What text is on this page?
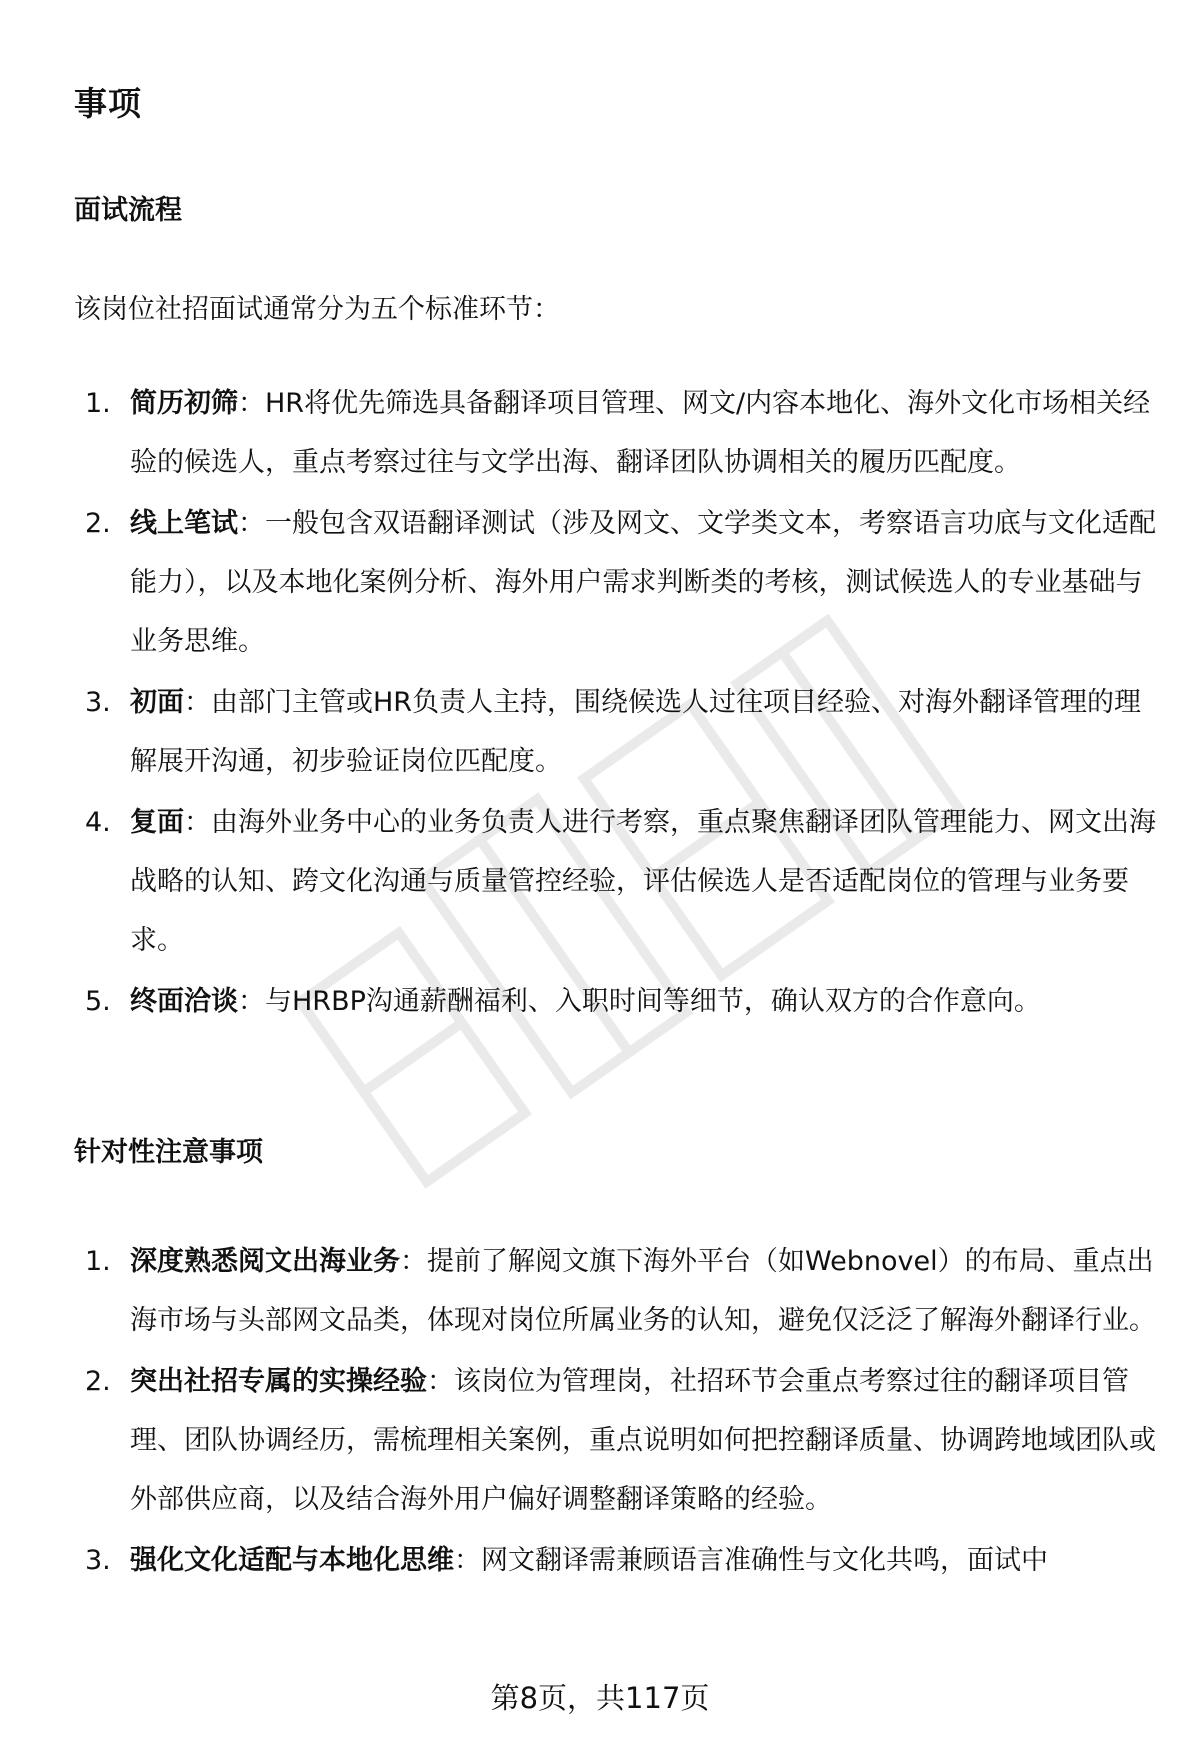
事项
面试流程
该岗位社招面试通常分为五个标准环节：
1. 简历初筛：HR将优先筛选具备翻译项目管理、网文/内容本地化、海外文化市场相关经验的候选人，重点考察过往与文学出海、翻译团队协调相关的履历匹配度。
2. 线上笔试：一般包含双语翻译测试（涉及网文、文学类文本，考察语言功底与文化适配能力），以及本地化案例分析、海外用户需求判断类的考核，测试候选人的专业基础与业务思维。
3. 初面：由部门主管或HR负责人主持，围绕候选人过往项目经验、对海外翻译管理的理解展开沟通，初步验证岗位匹配度。
4. 复面：由海外业务中心的业务负责人进行考察，重点聚焦翻译团队管理能力、网文出海战略的认知、跨文化沟通与质量管控经验，评估候选人是否适配岗位的管理与业务要求。
5. 终面洽谈：与HRBP沟通薪酬福利、入职时间等细节，确认双方的合作意向。
针对性注意事项
1. 深度熟悉阅文出海业务：提前了解阅文旗下海外平台（如Webnovel）的布局、重点出海市场与头部网文品类，体现对岗位所属业务的认知，避免仅泛泛了解海外翻译行业。
2. 突出社招专属的实操经验：该岗位为管理岗，社招环节会重点考察过往的翻译项目管理、团队协调经历，需梳理相关案例，重点说明如何把控翻译质量、协调跨地域团队或外部供应商，以及结合海外用户偏好调整翻译策略的经验。
3. 强化文化适配与本地化思维：网文翻译需兼顾语言准确性与文化共鸣，面试中
第8页，共117页
